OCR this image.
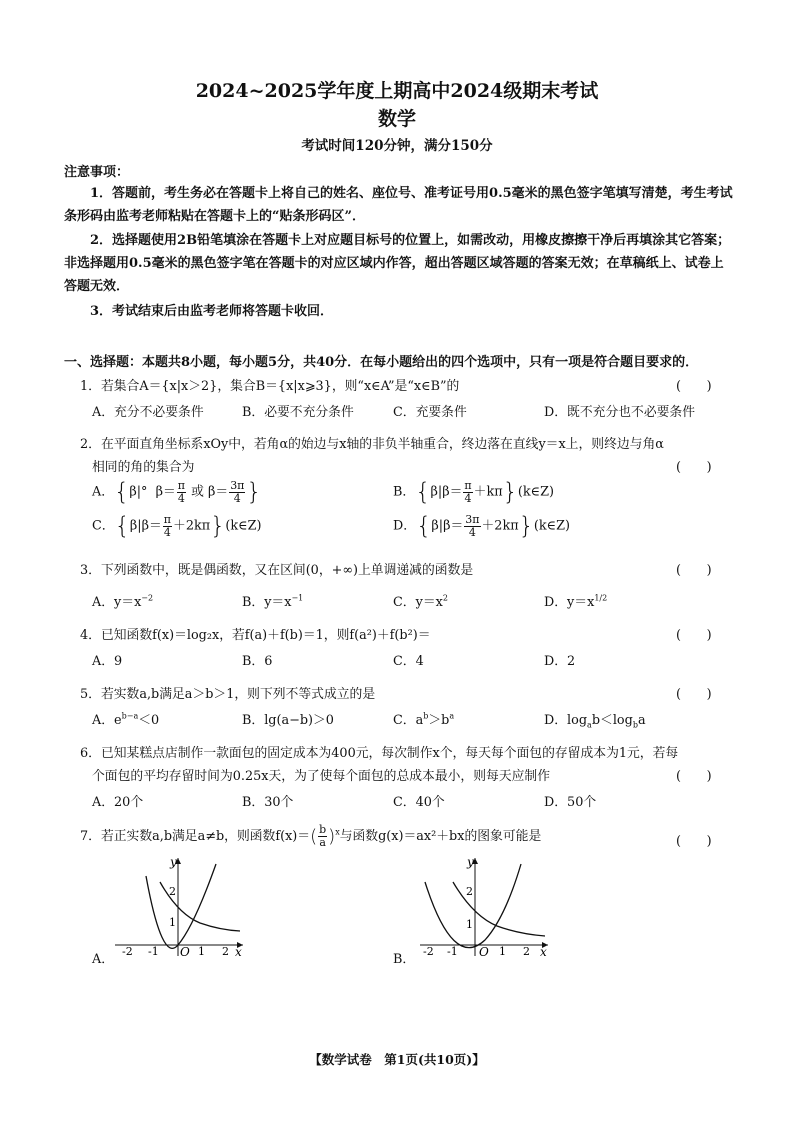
2024~2025学年度上期高中2024级期末考试
数学
考试时间120分钟，满分150分
注意事项：
1．答题前，考生务必在答题卡上将自己的姓名、座位号、准考证号用0.5毫米的黑色签字笔填写清楚，考生考试条形码由监考老师粘贴在答题卡上的“贴条形码区”．
2．选择题使用2B铅笔填涂在答题卡上对应题目标号的位置上，如需改动，用橡皮擦擦干净后再填涂其它答案；非选择题用0.5毫米的黑色签字笔在答题卡的对应区域内作答，超出答题区域答题的答案无效；在草稿纸上、试卷上答题无效．
3．考试结束后由监考老师将答题卡收回．
一、选择题：本题共8小题，每小题5分，共40分．在每小题给出的四个选项中，只有一项是符合题目要求的．
1．若集合A＝{x|x＞2}，集合B＝{x|x⩾3}，则“x∈A”是“x∈B”的	(　　)
A．充分不必要条件	B．必要不充分条件	C．充要条件	D．既不充分也不必要条件
2．在平面直角坐标系xOy中，若角α的始边与x轴的非负半轴重合，终边落在直线y＝x上，则终边与角α
相同的角的集合为	(　　)
A．{β|° $\beta= \frac{\pi}{4}$ 或 $\beta= \frac{3\pi}{4}$ }	B．{$\beta|\beta= \frac{\pi}{4}$ ＋kπ}(k∈Z)
C．{$\beta|\beta= \frac{\pi}{4}$ ＋2kπ}(k∈Z)	D．{$\beta|\beta= \frac{3\pi}{4}$ ＋2kπ}(k∈Z)
3．下列函数中，既是偶函数，又在区间(0，+∞)上单调递减的函数是	(　　)
A．$y=x^{-2}$	B．$y=x^{-1}$	C．$y=x^2$	D．$y=x^{1/2}$
4．已知函数f(x)＝log₂x，若f(a)＋f(b)＝1，则f(a²)＋f(b²)＝	(　　)
A．9	B．6	C．4	D．2
5．若实数a,b满足a＞b＞1，则下列不等式成立的是	(　　)
A．$e^{b-a}<0$	B．lg(a−b)＞0	C．$a^b>b^a$	D．$\log_ab<\log_ba$
6．已知某糕点店制作一款面包的固定成本为400元，每次制作x个，每天每个面包的存留成本为1元，若每
个面包的平均存留时间为0.25x天，为了使每个面包的总成本最小，则每天应制作	(　　)
A．20个	B．30个	C．40个	D．50个
7．若正实数a,b满足a≠b，则函数$f(x)=( \frac{b}{a} )^x$与函数g(x)＝ax²＋bx的图象可能是	(　　)
y
x
O
-2 -1	1 2
1
2
A．
y
x
O
-2 -1	1 2
1
2
B．
【数学试卷　第1页(共10页)】
